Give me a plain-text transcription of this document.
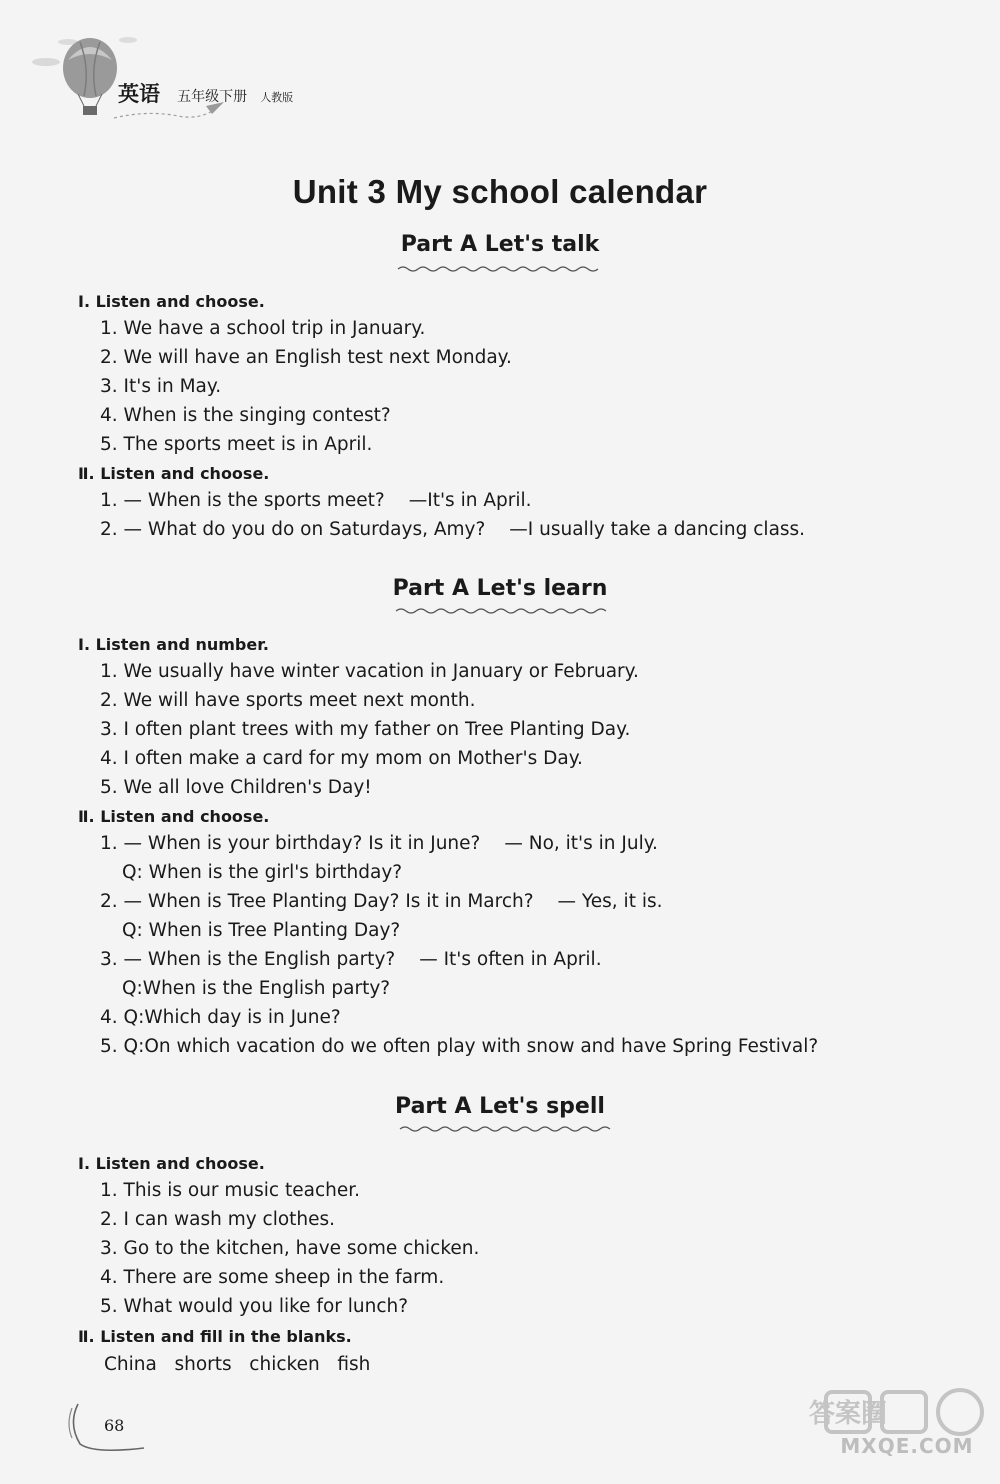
英语 五年级下册 人教版
Unit 3 My school calendar
Part A Let's talk
Ⅰ. Listen and choose.
1. We have a school trip in January.
2. We will have an English test next Monday.
3. It's in May.
4. When is the singing contest?
5. The sports meet is in April.
Ⅱ. Listen and choose.
1. — When is the sports meet? —It's in April.
2. — What do you do on Saturdays, Amy? —I usually take a dancing class.
Part A Let's learn
Ⅰ. Listen and number.
1. We usually have winter vacation in January or February.
2. We will have sports meet next month.
3. I often plant trees with my father on Tree Planting Day.
4. I often make a card for my mom on Mother's Day.
5. We all love Children's Day!
Ⅱ. Listen and choose.
1. — When is your birthday? Is it in June? — No, it's in July.
Q: When is the girl's birthday?
2. — When is Tree Planting Day? Is it in March? — Yes, it is.
Q: When is Tree Planting Day?
3. — When is the English party? — It's often in April.
Q:When is the English party?
4. Q:Which day is in June?
5. Q:On which vacation do we often play with snow and have Spring Festival?
Part A Let's spell
Ⅰ. Listen and choose.
1. This is our music teacher.
2. I can wash my clothes.
3. Go to the kitchen, have some chicken.
4. There are some sheep in the farm.
5. What would you like for lunch?
Ⅱ. Listen and fill in the blanks.
China   shorts   chicken   fish
68	答案圈
MXQE.COM
